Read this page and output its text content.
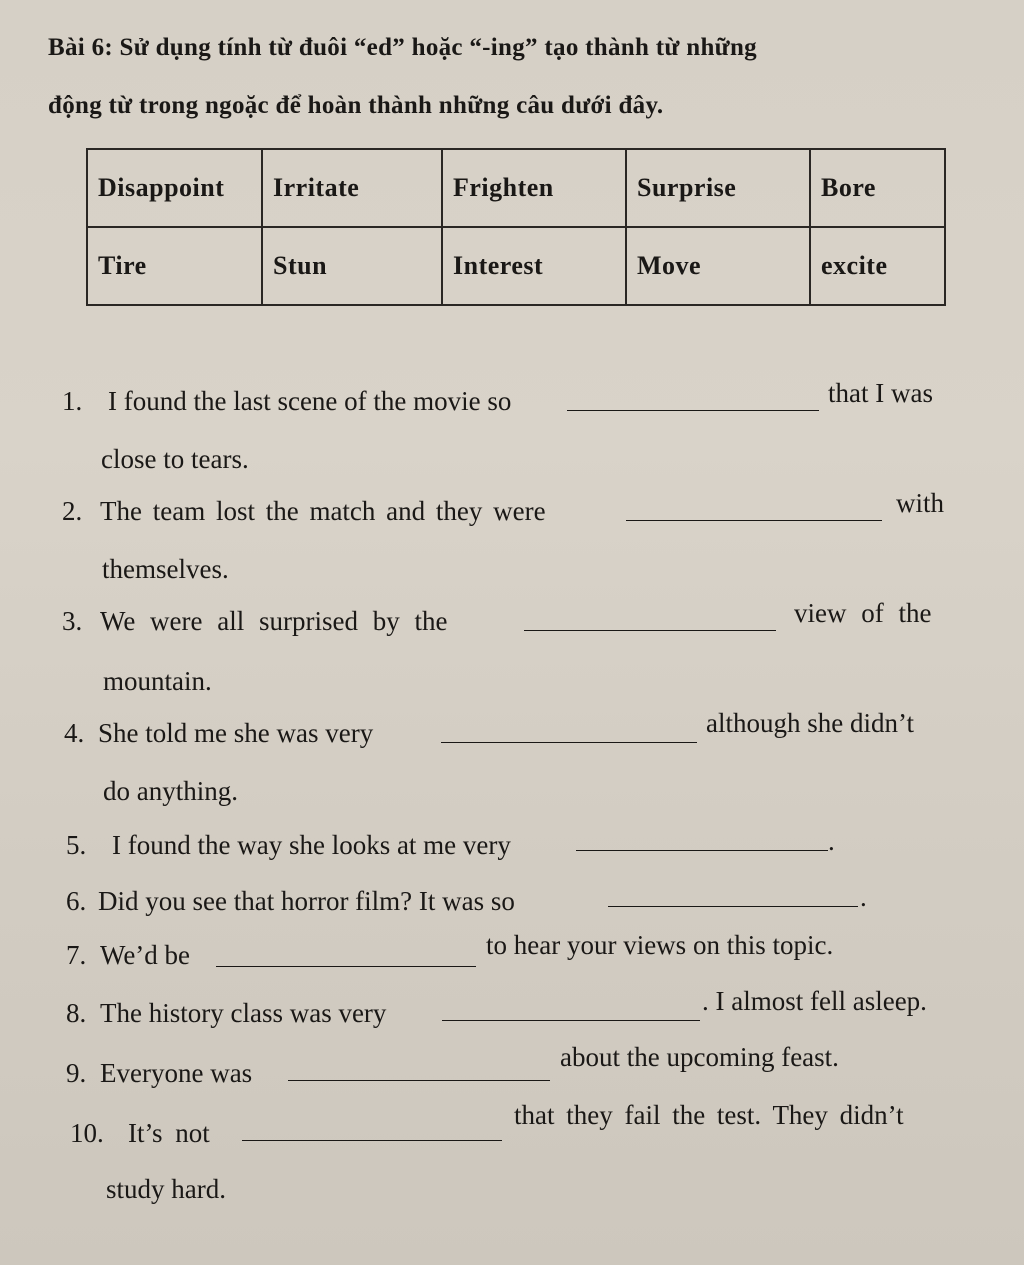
Bài 6: Sử dụng tính từ đuôi “ed” hoặc “-ing” tạo thành từ những
động từ trong ngoặc để hoàn thành những câu dưới đây.
Disappoint	Irritate	Frighten	Surprise	Bore
Tire	Stun	Interest	Move	excite
1. I found the last scene of the movie so	that I was
close to tears.
2. The team lost the match and they were	with
themselves.
3. We were all surprised by the	view of the
mountain.
4. She told me she was very	although she didn’t
do anything.
5. I found the way she looks at me very	.
6. Did you see that horror film? It was so	.
7. We’d be	to hear your views on this topic.
8. The history class was very	. I almost fell asleep.
9. Everyone was
about the upcoming feast.
10. It’s not
that they fail the test. They didn’t
study hard.
